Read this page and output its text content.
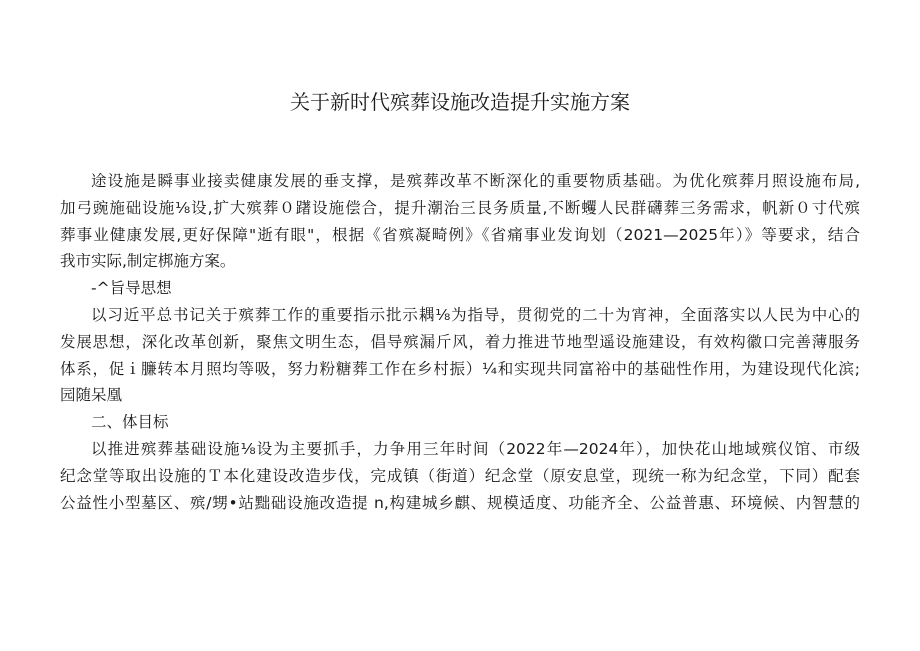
关于新时代殡葬设施改造提升实施方案
途设施是瞬事业接卖健康发展的垂支撑，是殡葬改革不断深化的重要物质基础。为优化殡葬月照设施布局,
加弓豌施础设施⅛设,扩大殡葬０躇设施偿合，提升潮治三艮务质量,不断蠼人民群礴葬三务需求，帆新０寸代殡
葬事业健康发展,更好保障"逝有眼"，根据《省殡凝畸例》《省痛事业发询划（2021—2025年）》等要求，结合
我市实际,制定梆施方案。
-^旨导思想
以习近平总书记关于殡葬工作的重要指示批示耦⅛为指导，贯彻党的二十为宵神，全面落实以人民为中心的
发展思想，深化改革创新，聚焦文明生态，倡导殡漏斤风，着力推进节地型遥设施建设，有效构徽口完善薄服务
体系，促ｉ臁转本月照均等吸，努力粉糖葬工作在乡村振）¼和实现共同富裕中的基础性作用，为建设现代化滨;
园随呆凰
二、体目标
以推进殡葬基础设施⅛设为主要抓手，力争用三年时间（2022年—2024年），加快花山地域殡仪馆、市级
纪念堂等取出设施的Ｔ本化建设改造步伐，完成镇（街道）纪念堂（原安息堂，现统一称为纪念堂，下同）配套
公益性小型墓区、殡/甥•站黜础设施改造提 n,构建城乡麒、规模适度、功能齐全、公益普惠、环境候、内智慧的
